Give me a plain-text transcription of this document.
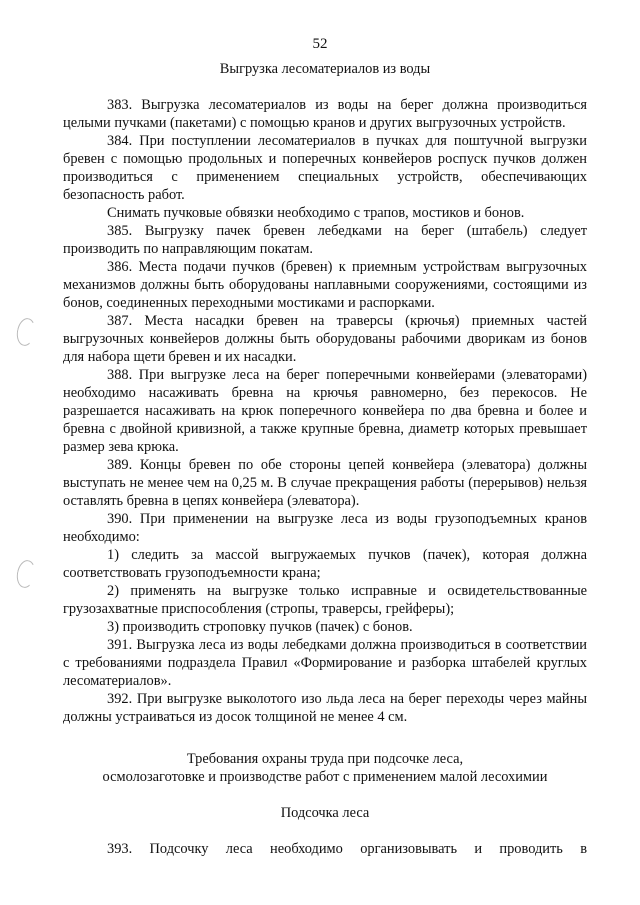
52

Выгрузка лесоматериалов из воды

383. Выгрузка лесоматериалов из воды на берег должна производиться целыми пучками (пакетами) с помощью кранов и других выгрузочных устройств.

384. При поступлении лесоматериалов в пучках для поштучной выгрузки бревен с помощью продольных и поперечных конвейеров роспуск пучков должен производиться с применением специальных устройств, обеспечивающих безопасность работ.

Снимать пучковые обвязки необходимо с трапов, мостиков и бонов.

385. Выгрузку пачек бревен лебедками на берег (штабель) следует производить по направляющим покатам.

386. Места подачи пучков (бревен) к приемным устройствам выгрузочных механизмов должны быть оборудованы наплавными сооружениями, состоящими из бонов, соединенных переходными мостиками и распорками.

387. Места насадки бревен на траверсы (крючья) приемных частей выгрузочных конвейеров должны быть оборудованы рабочими дворикам из бонов для набора щети бревен и их насадки.

388. При выгрузке леса на берег поперечными конвейерами (элеваторами) необходимо насаживать бревна на крючья равномерно, без перекосов. Не разрешается насаживать на крюк поперечного конвейера по два бревна и более и бревна с двойной кривизной, а также крупные бревна, диаметр которых превышает размер зева крюка.

389. Концы бревен по обе стороны цепей конвейера (элеватора) должны выступать не менее чем на 0,25 м. В случае прекращения работы (перерывов) нельзя оставлять бревна в цепях конвейера (элеватора).

390. При применении на выгрузке леса из воды грузоподъемных кранов необходимо:

1) следить за массой выгружаемых пучков (пачек), которая должна соответствовать грузоподъемности крана;

2) применять на выгрузке только исправные и освидетельствованные грузозахватные приспособления (стропы, траверсы, грейферы);

3) производить строповку пучков (пачек) с бонов.

391. Выгрузка леса из воды лебедками должна производиться в соответствии с требованиями подраздела Правил «Формирование и разборка штабелей круглых лесоматериалов».

392. При выгрузке выколотого изо льда леса на берег переходы через майны должны устраиваться из досок толщиной не менее 4 см.

Требования охраны труда при подсочке леса,
осмолозаготовке и производстве работ с применением малой лесохимии

Подсочка леса

393. Подсочку леса необходимо организовывать и проводить в
